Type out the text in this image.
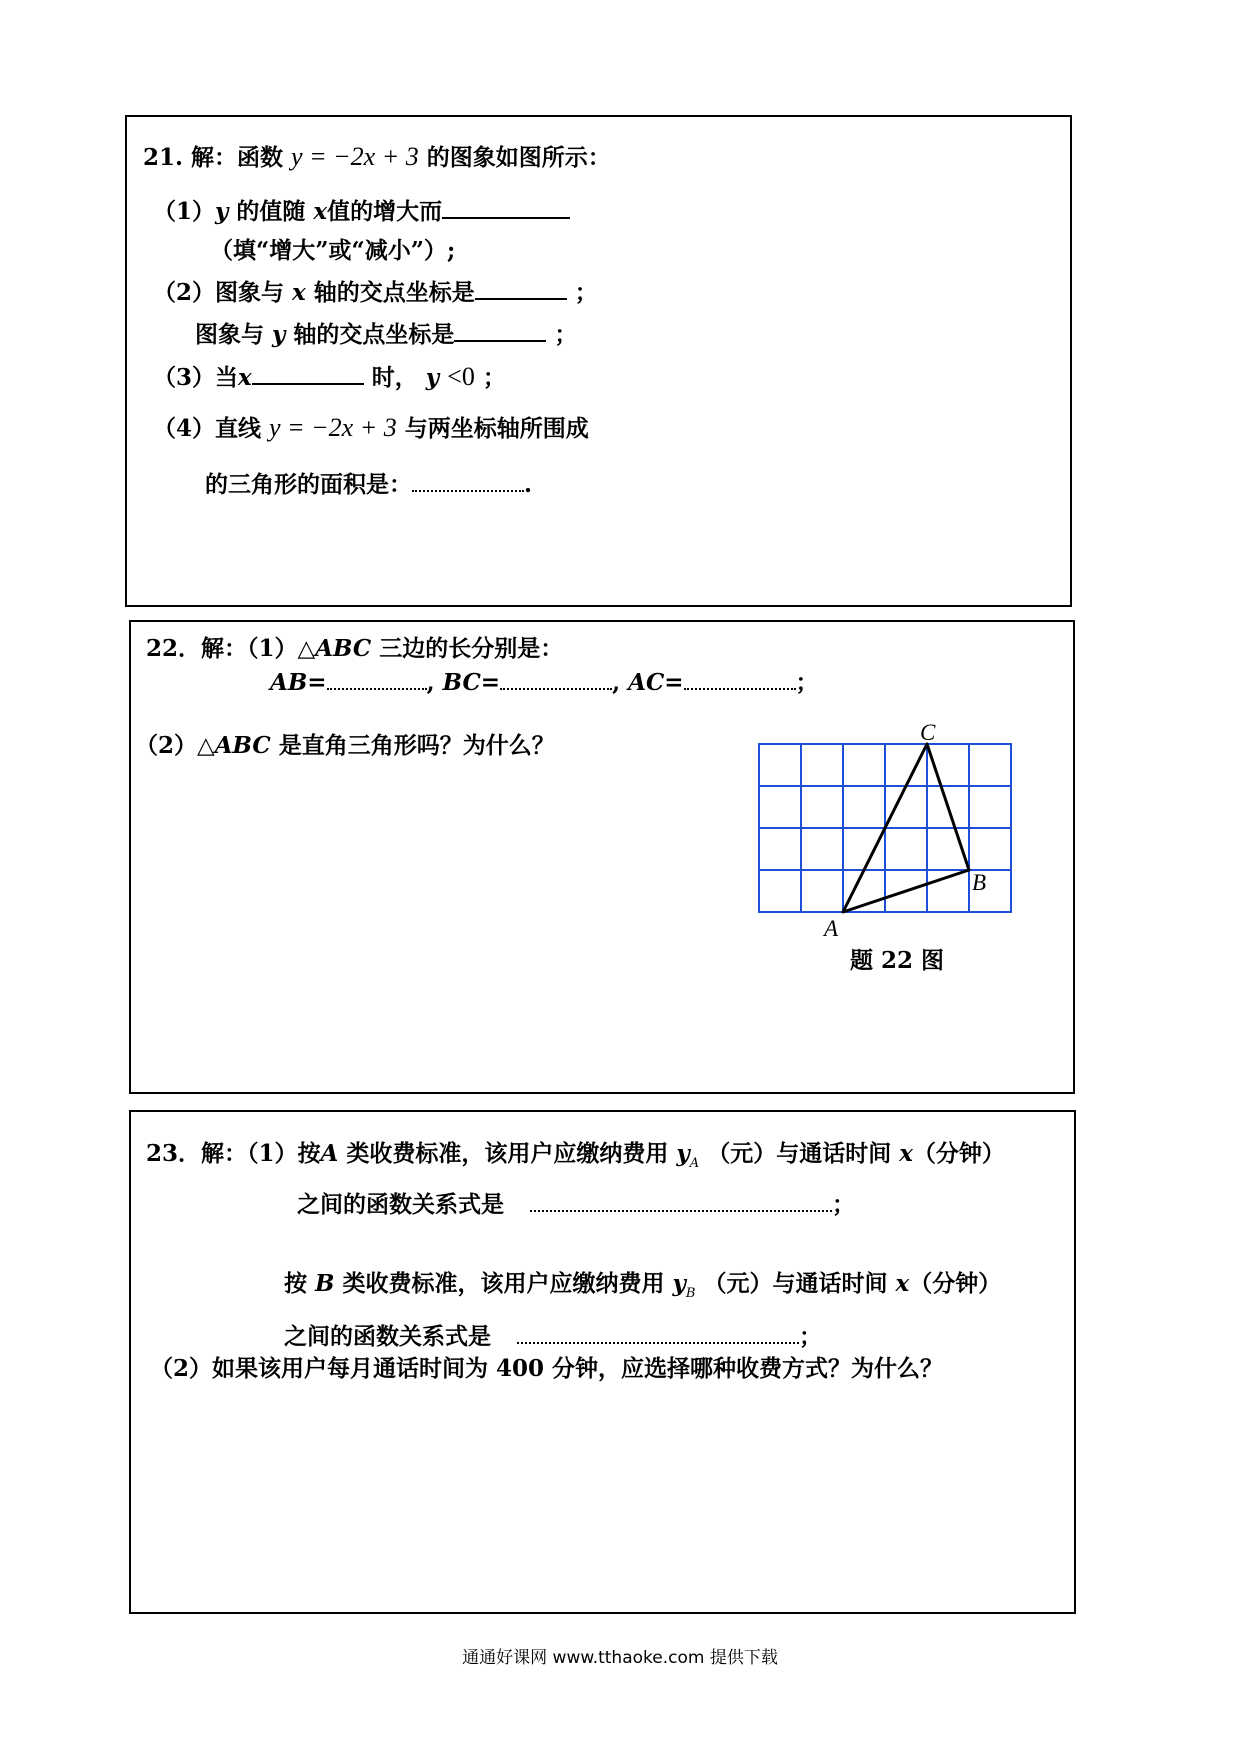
21. 解：函数 y = −2x + 3 的图象如图所示：
（1）y 的值随 x值的增大而
（填“增大”或“减小”）;
（2）图象与 x 轴的交点坐标是	；
图象与 y 轴的交点坐标是	；
（3）当x	时， y <0 ；
（4）直线 y = −2x + 3 与两坐标轴所围成
的三角形的面积是：	.
22．解：（1）△ABC 三边的长分别是：
AB=	, BC=	, AC=	；
（2）△ABC 是直角三角形吗？为什么？	C
B
A
题 22 图
23．解：（1）按A 类收费标准，该用户应缴纳费用 $y_A$ （元）与通话时间 x（分钟）
之间的函数关系式是	；
按 B 类收费标准，该用户应缴纳费用 $y_B$ （元）与通话时间 x（分钟）
之间的函数关系式是	；
（2）如果该用户每月通话时间为 400 分钟，应选择哪种收费方式？为什么？
通通好课网 www.tthaoke.com 提供下载
